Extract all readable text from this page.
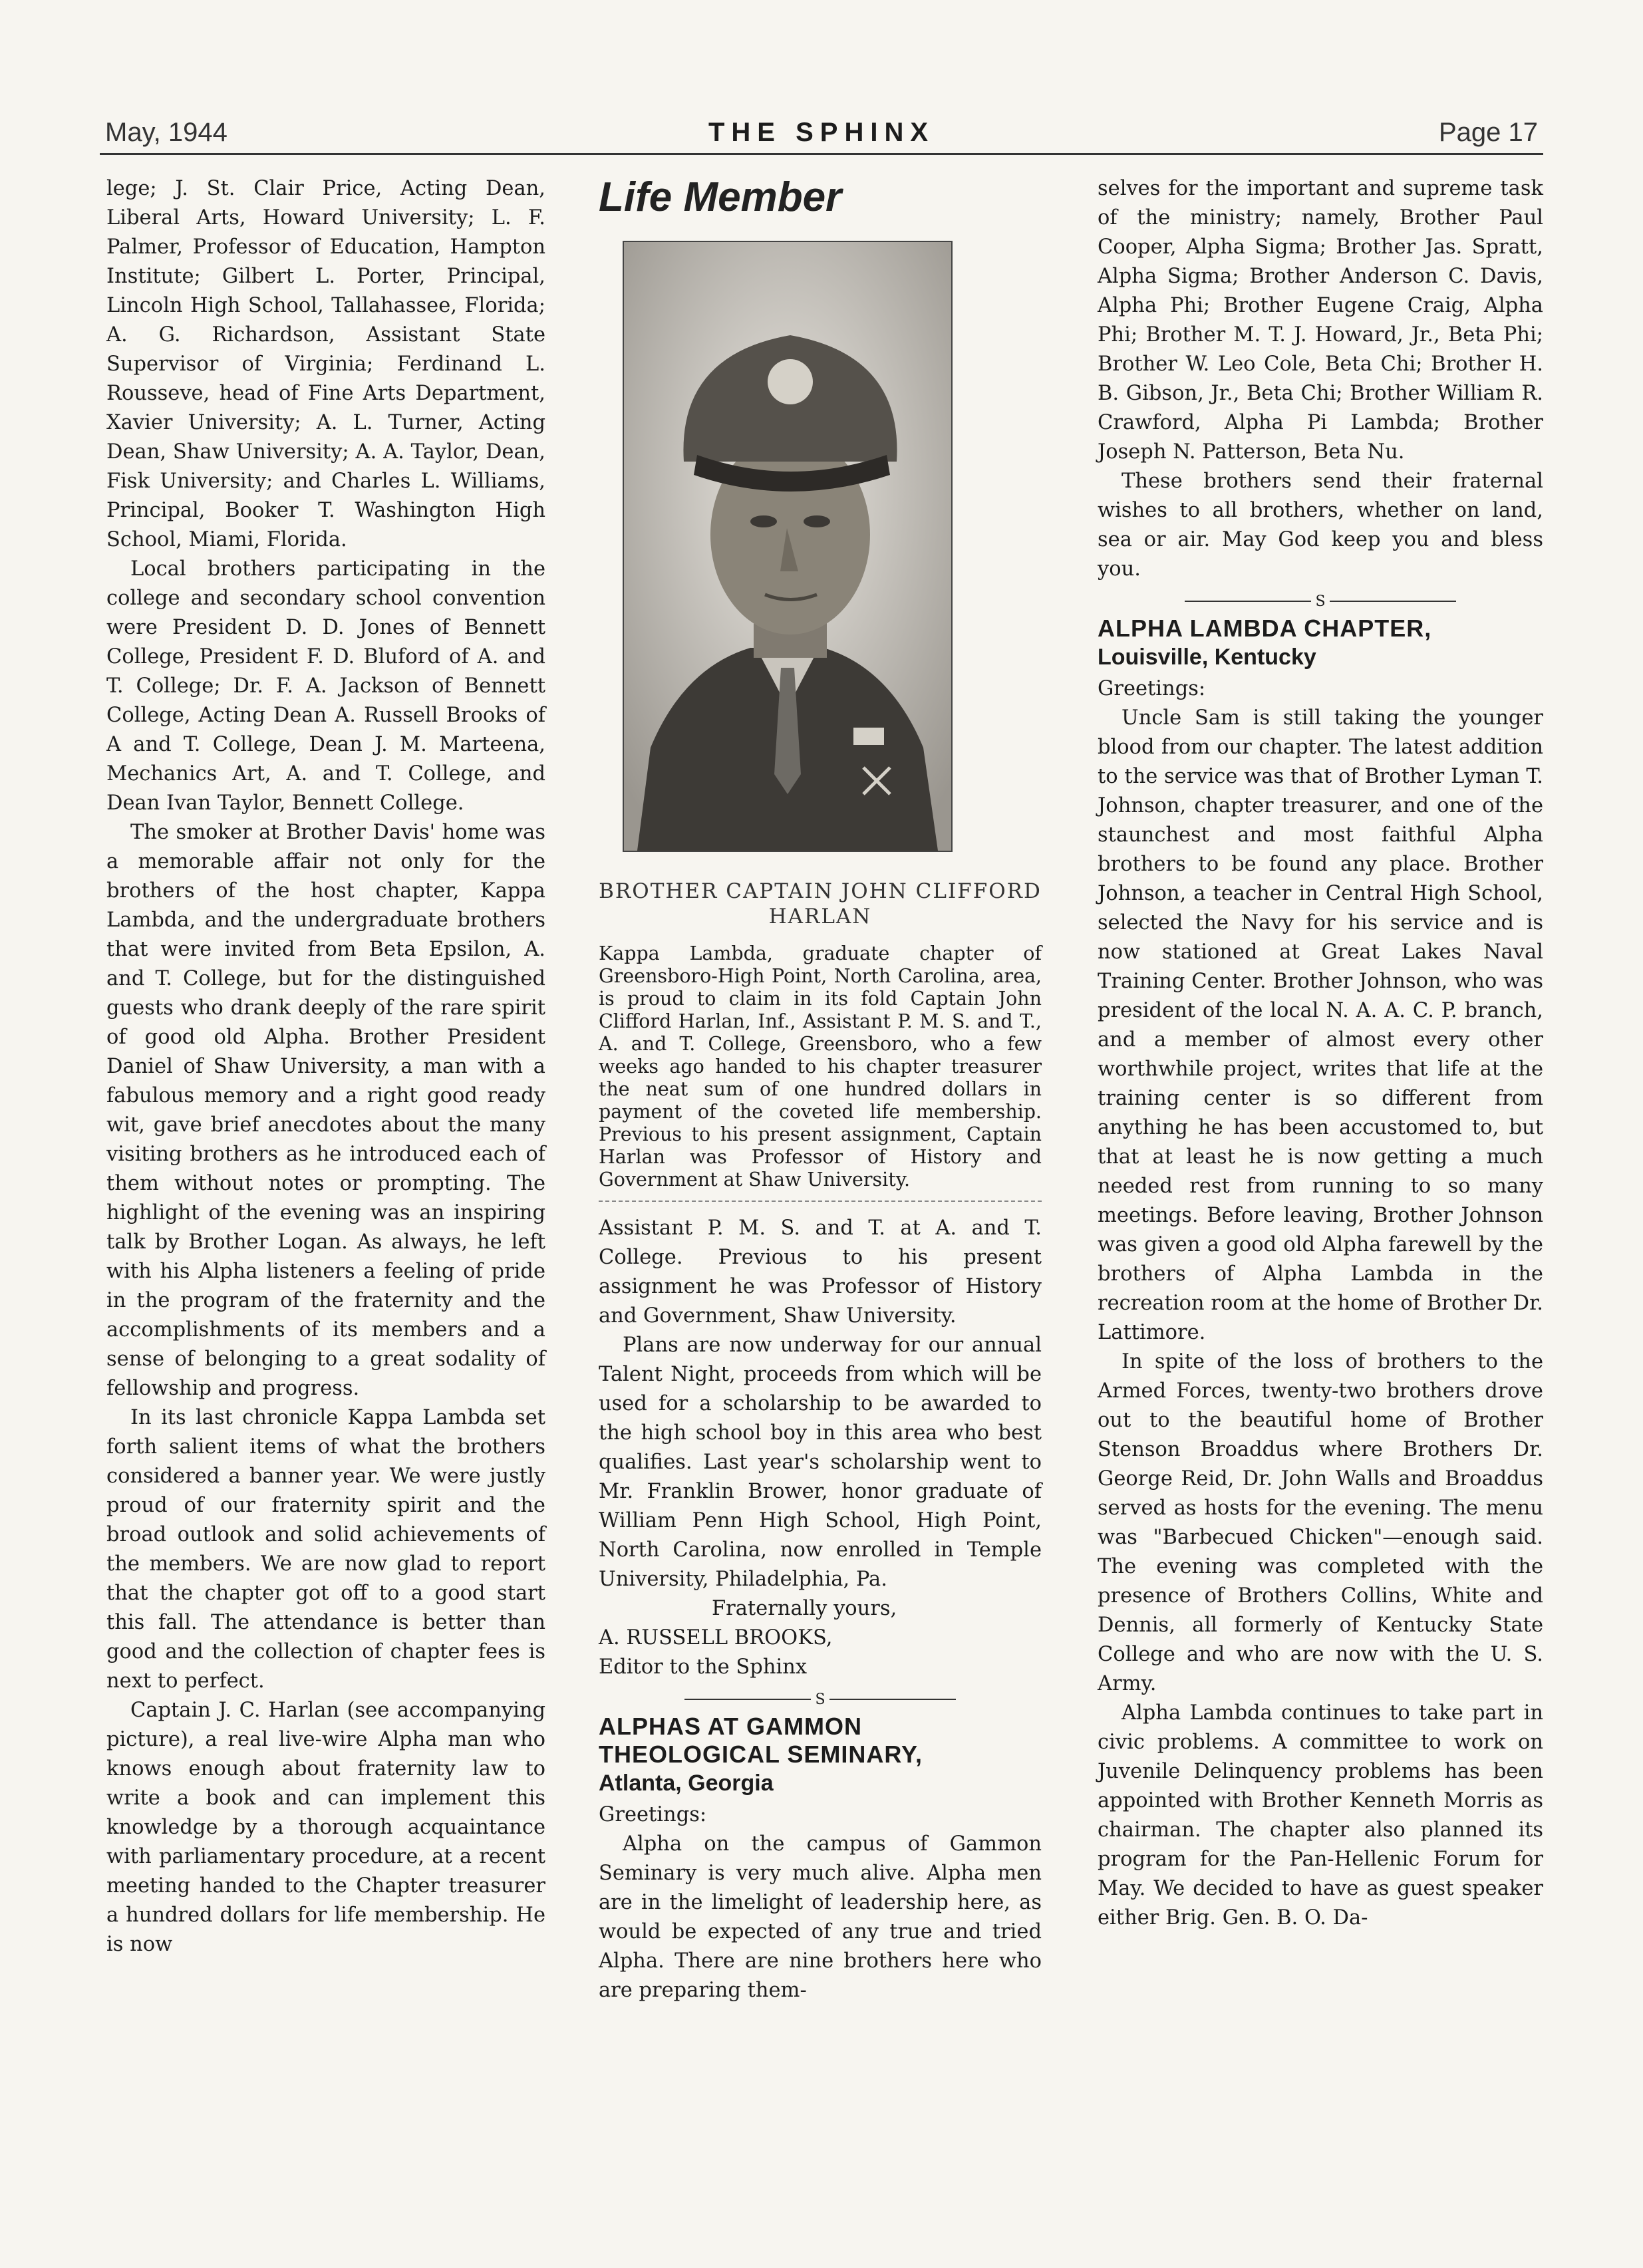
May, 1944	THE SPHINX	Page 17

lege; J. St. Clair Price, Acting Dean, Liberal Arts, Howard University; L. F. Palmer, Professor of Education, Hampton Institute; Gilbert L. Porter, Principal, Lincoln High School, Tallahassee, Florida; A. G. Richardson, Assistant State Supervisor of Virginia; Ferdinand L. Rousseve, head of Fine Arts Department, Xavier University; A. L. Turner, Acting Dean, Shaw University; A. A. Taylor, Dean, Fisk University; and Charles L. Williams, Principal, Booker T. Washington High School, Miami, Florida.

Local brothers participating in the college and secondary school convention were President D. D. Jones of Bennett College, President F. D. Bluford of A. and T. College; Dr. F. A. Jackson of Bennett College, Acting Dean A. Russell Brooks of A and T. College, Dean J. M. Marteena, Mechanics Art, A. and T. College, and Dean Ivan Taylor, Bennett College.

The smoker at Brother Davis' home was a memorable affair not only for the brothers of the host chapter, Kappa Lambda, and the undergraduate brothers that were invited from Beta Epsilon, A. and T. College, but for the distinguished guests who drank deeply of the rare spirit of good old Alpha. Brother President Daniel of Shaw University, a man with a fabulous memory and a right good ready wit, gave brief anecdotes about the many visiting brothers as he introduced each of them without notes or prompting. The highlight of the evening was an inspiring talk by Brother Logan. As always, he left with his Alpha listeners a feeling of pride in the program of the fraternity and the accomplishments of its members and a sense of belonging to a great sodality of fellowship and progress.

In its last chronicle Kappa Lambda set forth salient items of what the brothers considered a banner year. We were justly proud of our fraternity spirit and the broad outlook and solid achievements of the members. We are now glad to report that the chapter got off to a good start this fall. The attendance is better than good and the collection of chapter fees is next to perfect.

Captain J. C. Harlan (see accompanying picture), a real live-wire Alpha man who knows enough about fraternity law to write a book and can implement this knowledge by a thorough acquaintance with parliamentary procedure, at a recent meeting handed to the Chapter treasurer a hundred dollars for life membership. He is now

Life Member
BROTHER CAPTAIN JOHN CLIFFORD HARLAN

Kappa Lambda, graduate chapter of Greensboro-High Point, North Carolina, area, is proud to claim in its fold Captain John Clifford Harlan, Inf., Assistant P. M. S. and T., A. and T. College, Greensboro, who a few weeks ago handed to his chapter treasurer the neat sum of one hundred dollars in payment of the coveted life membership. Previous to his present assignment, Captain Harlan was Professor of History and Government at Shaw University.

Assistant P. M. S. and T. at A. and T. College. Previous to his present assignment he was Professor of History and Government, Shaw University.

Plans are now underway for our annual Talent Night, proceeds from which will be used for a scholarship to be awarded to the high school boy in this area who best qualifies. Last year's scholarship went to Mr. Franklin Brower, honor graduate of William Penn High School, High Point, North Carolina, now enrolled in Temple University, Philadelphia, Pa.

Fraternally yours,

A. RUSSELL BROOKS,

Editor to the Sphinx

S
ALPHAS AT GAMMON THEOLOGICAL SEMINARY,
Atlanta, Georgia

Greetings:

Alpha on the campus of Gammon Seminary is very much alive. Alpha men are in the limelight of leadership here, as would be expected of any true and tried Alpha. There are nine brothers here who are preparing them-

selves for the important and supreme task of the ministry; namely, Brother Paul Cooper, Alpha Sigma; Brother Jas. Spratt, Alpha Sigma; Brother Anderson C. Davis, Alpha Phi; Brother Eugene Craig, Alpha Phi; Brother M. T. J. Howard, Jr., Beta Phi; Brother W. Leo Cole, Beta Chi; Brother H. B. Gibson, Jr., Beta Chi; Brother William R. Crawford, Alpha Pi Lambda; Brother Joseph N. Patterson, Beta Nu.

These brothers send their fraternal wishes to all brothers, whether on land, sea or air. May God keep you and bless you.

S
ALPHA LAMBDA CHAPTER,
Louisville, Kentucky

Greetings:

Uncle Sam is still taking the younger blood from our chapter. The latest addition to the service was that of Brother Lyman T. Johnson, chapter treasurer, and one of the staunchest and most faithful Alpha brothers to be found any place. Brother Johnson, a teacher in Central High School, selected the Navy for his service and is now stationed at Great Lakes Naval Training Center. Brother Johnson, who was president of the local N. A. A. C. P. branch, and a member of almost every other worthwhile project, writes that life at the training center is so different from anything he has been accustomed to, but that at least he is now getting a much needed rest from running to so many meetings. Before leaving, Brother Johnson was given a good old Alpha farewell by the brothers of Alpha Lambda in the recreation room at the home of Brother Dr. Lattimore.

In spite of the loss of brothers to the Armed Forces, twenty-two brothers drove out to the beautiful home of Brother Stenson Broaddus where Brothers Dr. George Reid, Dr. John Walls and Broaddus served as hosts for the evening. The menu was "Barbecued Chicken"—enough said. The evening was completed with the presence of Brothers Collins, White and Dennis, all formerly of Kentucky State College and who are now with the U. S. Army.

Alpha Lambda continues to take part in civic problems. A committee to work on Juvenile Delinquency problems has been appointed with Brother Kenneth Morris as chairman. The chapter also planned its program for the Pan-Hellenic Forum for May. We decided to have as guest speaker either Brig. Gen. B. O. Da-
